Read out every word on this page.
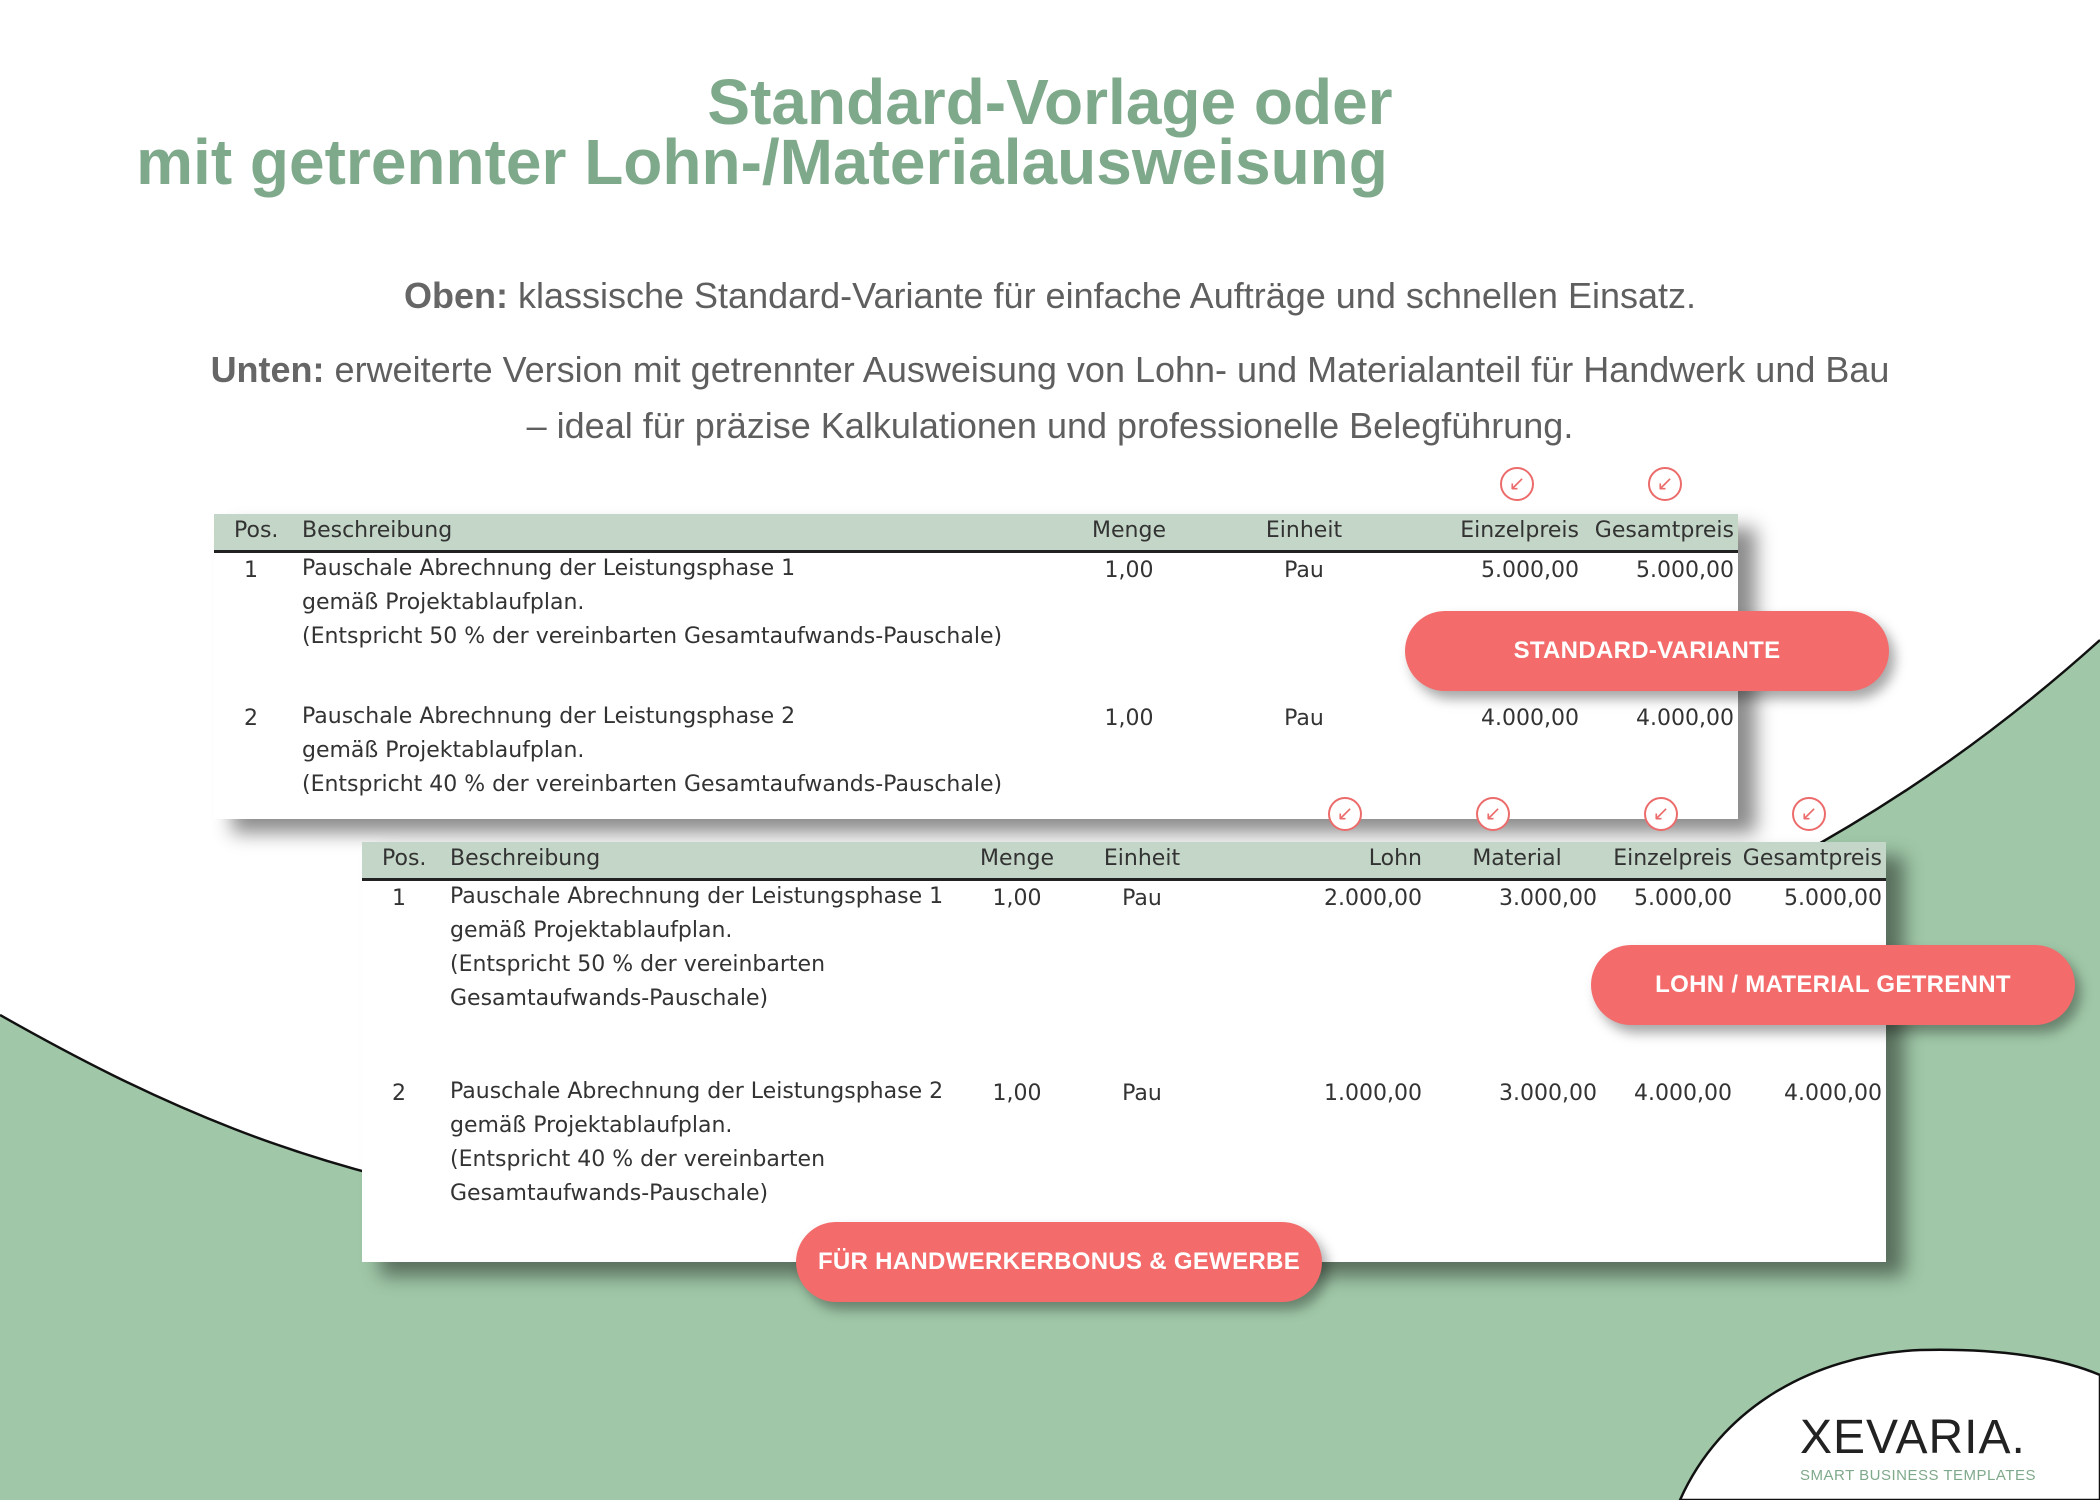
Standard-Vorlage oder
mit getrennter Lohn-/Materialausweisung
Oben: klassische Standard-Variante für einfache Aufträge und schnellen Einsatz.
Unten: erweiterte Version mit getrennter Ausweisung von Lohn- und Materialanteil für Handwerk und Bau
– ideal für präzise Kalkulationen und professionelle Belegführung.
↙	↙
↙	↙	↙	↙
Pos. Beschreibung	Menge	Einheit	Einzelpreis Gesamtpreis
1	Pauschale Abrechnung der Leistungsphase 1
gemäß Projektablaufplan.
(Entspricht 50 % der vereinbarten Gesamtaufwands-Pauschale)
1,00	Pau	5.000,00	5.000,00
2	Pauschale Abrechnung der Leistungsphase 2
gemäß Projektablaufplan.
(Entspricht 40 % der vereinbarten Gesamtaufwands-Pauschale)
1,00	Pau	4.000,00	4.000,00
Pos. Beschreibung	Menge	Einheit	Lohn	Material	Einzelpreis Gesamtpreis
1	Pauschale Abrechnung der Leistungsphase 1
gemäß Projektablaufplan.
(Entspricht 50 % der vereinbarten
Gesamtaufwands-Pauschale)
1,00	Pau	2.000,00	3.000,00	5.000,00	5.000,00
2	Pauschale Abrechnung der Leistungsphase 2
gemäß Projektablaufplan.
(Entspricht 40 % der vereinbarten
Gesamtaufwands-Pauschale)
1,00	Pau	1.000,00	3.000,00	4.000,00	4.000,00
STANDARD-VARIANTE
LOHN / MATERIAL GETRENNT
FÜR HANDWERKERBONUS & GEWERBE
XEVARIA.
SMART BUSINESS TEMPLATES
